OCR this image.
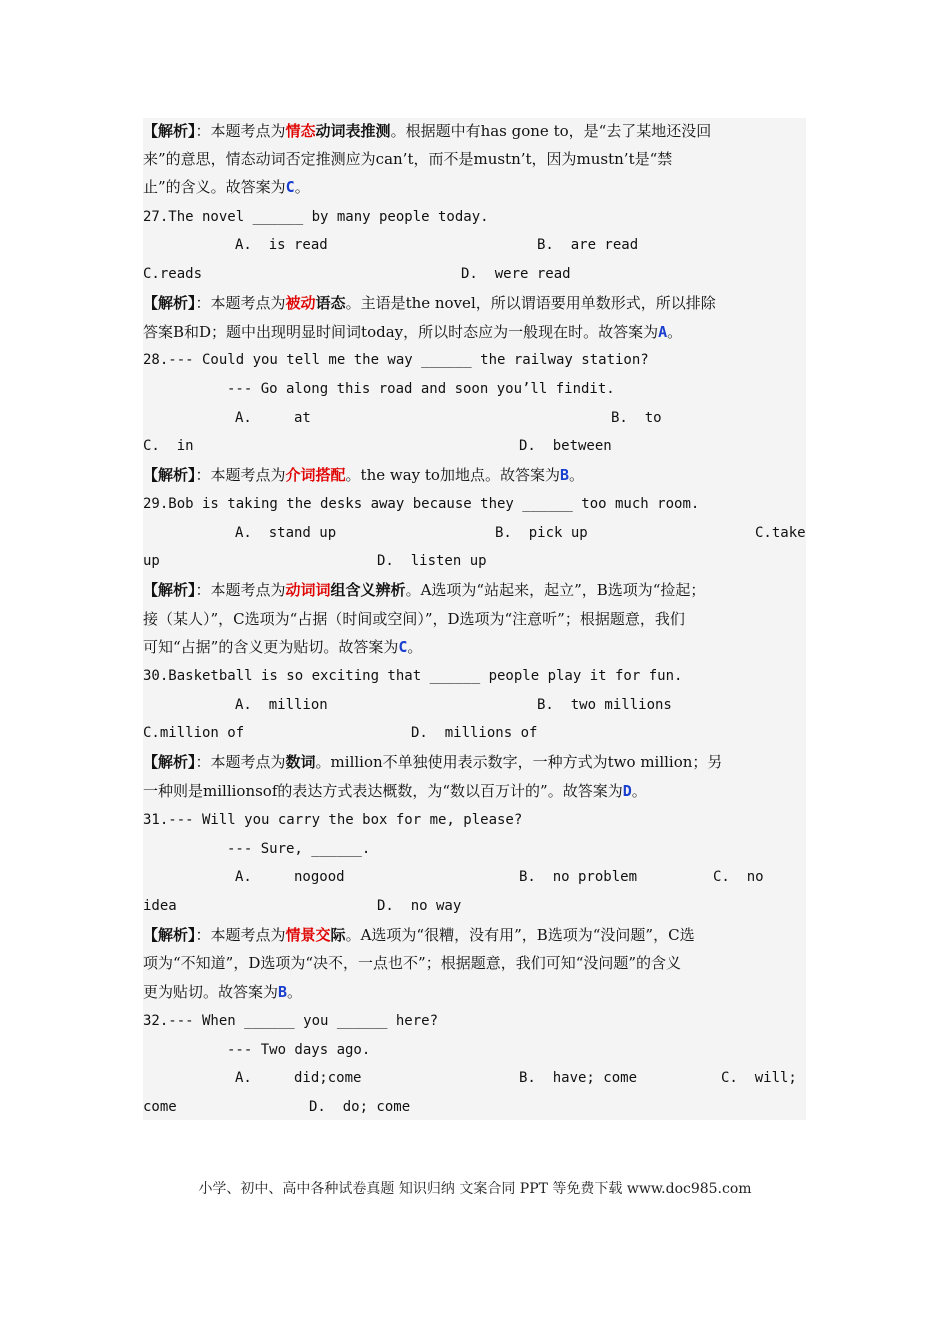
【解析】：本题考点为情态动词表推测。根据题中有has gone to，是“去了某地还没回
来”的意思，情态动词否定推测应为can’t，而不是mustn’t，因为mustn’t是“禁
止”的含义。故答案为C。
27.The novel ______ by many people today.
A.  is read	B.  are read
C.reads	D.  were read
【解析】：本题考点为被动语态。主语是the novel，所以谓语要用单数形式，所以排除
答案B和D；题中出现明显时间词today，所以时态应为一般现在时。故答案为A。
28.--- Could you tell me the way ______ the railway station?
--- Go along this road and soon you’ll findit.
A.     at	B.  to
C.  in	D.  between
【解析】：本题考点为介词搭配。the way to加地点。故答案为B。
29.Bob is taking the desks away because they ______ too much room.
A.  stand up	B.  pick up	C.take
up	D.  listen up
【解析】：本题考点为动词词组含义辨析。A选项为“站起来，起立”，B选项为“捡起；
接（某人）”，C选项为“占据（时间或空间）”，D选项为“注意听”；根据题意，我们
可知“占据”的含义更为贴切。故答案为C。
30.Basketball is so exciting that ______ people play it for fun.
A.  million	B.  two millions
C.million of	D.  millions of
【解析】：本题考点为数词。million不单独使用表示数字，一种方式为two million；另
一种则是millionsof的表达方式表达概数，为“数以百万计的”。故答案为D。
31.--- Will you carry the box for me, please?
--- Sure, ______.
A.     nogood	B.  no problem	C.  no
idea	D.  no way
【解析】：本题考点为情景交际。A选项为“很糟，没有用”，B选项为“没问题”，C选
项为“不知道”，D选项为“决不，一点也不”；根据题意，我们可知“没问题”的含义
更为贴切。故答案为B。
32.--- When ______ you ______ here?
--- Two days ago.
A.     did;come	B.  have; come	C.  will;
come	D.  do; come
小学、初中、高中各种试卷真题 知识归纳 文案合同 PPT 等免费下载 www.doc985.com
